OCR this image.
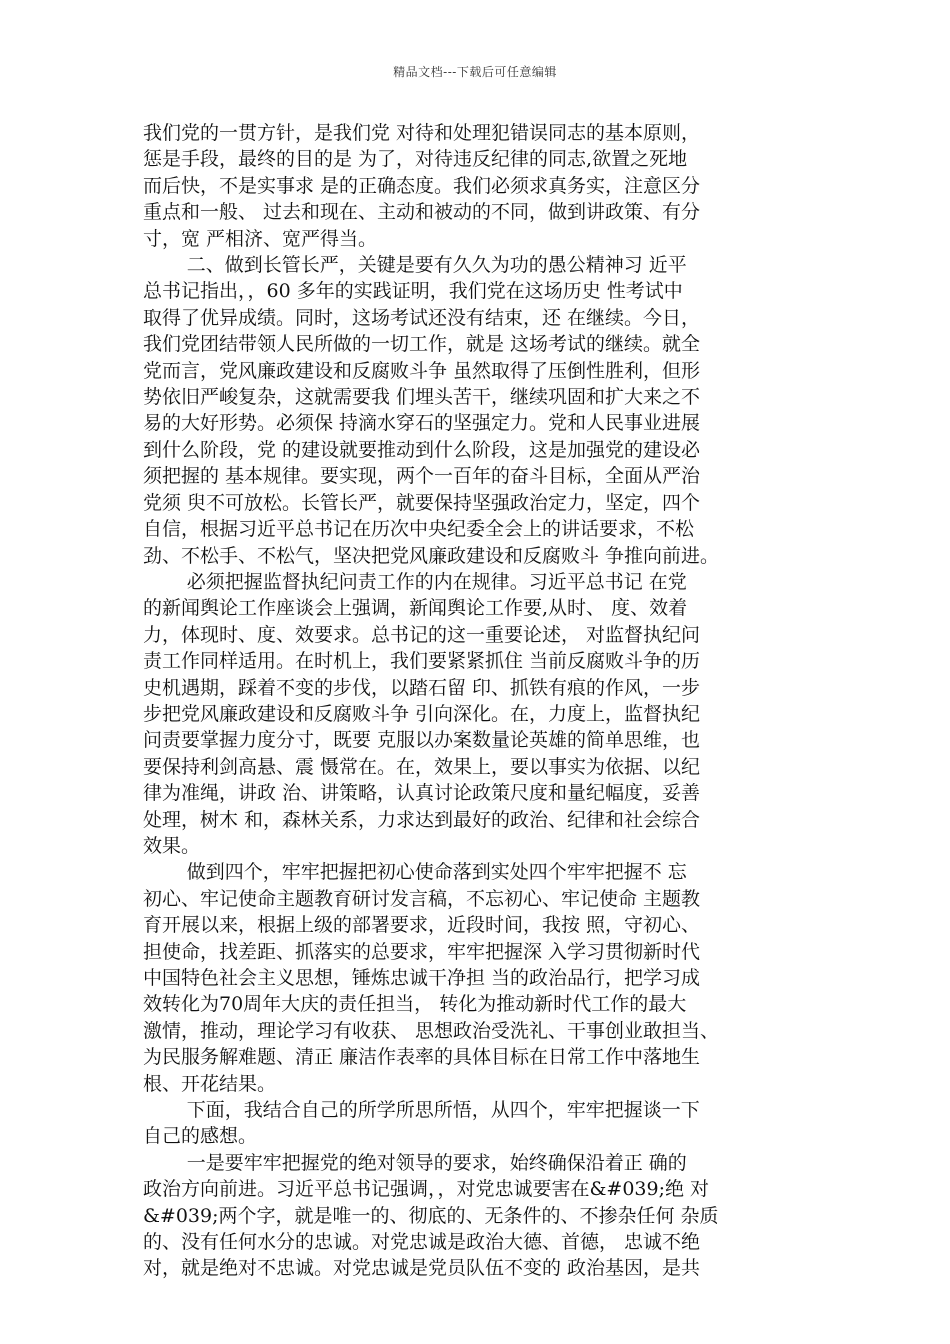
精品文档---下载后可任意编辑

我们党的一贯方针，是我们党 对待和处理犯错误同志的基本原则，
惩是手段，最终的目的是 为了，对待违反纪律的同志,欲置之死地
而后快，不是实事求 是的正确态度。我们必须求真务实，注意区分
重点和一般、 过去和现在、主动和被动的不同，做到讲政策、有分
寸，宽 严相济、宽严得当。

二、做到长管长严，关键是要有久久为功的愚公精神习 近平
总书记指出，，60 多年的实践证明，我们党在这场历史 性考试中
取得了优异成绩。同时，这场考试还没有结束，还 在继续。今日，
我们党团结带领人民所做的一切工作，就是 这场考试的继续。就全
党而言，党风廉政建设和反腐败斗争 虽然取得了压倒性胜利，但形
势依旧严峻复杂，这就需要我 们埋头苦干，继续巩固和扩大来之不
易的大好形势。必须保 持滴水穿石的坚强定力。党和人民事业进展
到什么阶段，党 的建设就要推动到什么阶段，这是加强党的建设必
须把握的 基本规律。要实现，两个一百年的奋斗目标，全面从严治
党须 臾不可放松。长管长严，就要保持坚强政治定力，坚定，四个
自信，根据习近平总书记在历次中央纪委全会上的讲话要求，不松
劲、不松手、不松气，坚决把党风廉政建设和反腐败斗 争推向前进。

必须把握监督执纪问责工作的内在规律。习近平总书记 在党
的新闻舆论工作座谈会上强调，新闻舆论工作要,从时、 度、效着
力，体现时、度、效要求。总书记的这一重要论述， 对监督执纪问
责工作同样适用。在时机上，我们要紧紧抓住 当前反腐败斗争的历
史机遇期，踩着不变的步伐，以踏石留 印、抓铁有痕的作风，一步
步把党风廉政建设和反腐败斗争 引向深化。在，力度上，监督执纪
问责要掌握力度分寸，既要 克服以办案数量论英雄的简单思维，也
要保持利剑高悬、震 慑常在。在，效果上，要以事实为依据、以纪
律为准绳，讲政 治、讲策略，认真讨论政策尺度和量纪幅度，妥善
处理，树木 和，森林关系，力求达到最好的政治、纪律和社会综合
效果。

做到四个，牢牢把握把初心使命落到实处四个牢牢把握不 忘
初心、牢记使命主题教育研讨发言稿，不忘初心、牢记使命 主题教
育开展以来，根据上级的部署要求，近段时间，我按 照，守初心、
担使命，找差距、抓落实的总要求，牢牢把握深 入学习贯彻新时代
中国特色社会主义思想，锤炼忠诚干净担 当的政治品行，把学习成
效转化为70周年大庆的责任担当， 转化为推动新时代工作的最大
激情，推动，理论学习有收获、 思想政治受洗礼、干事创业敢担当、
为民服务解难题、清正 廉洁作表率的具体目标在日常工作中落地生
根、开花结果。

下面，我结合自己的所学所思所悟，从四个，牢牢把握谈一下
自己的感想。

一是要牢牢把握党的绝对领导的要求，始终确保沿着正 确的
政治方向前进。习近平总书记强调，，对党忠诚要害在&#039;绝 对
&#039;两个字，就是唯一的、彻底的、无条件的、不掺杂任何 杂质
的、没有任何水分的忠诚。对党忠诚是政治大德、首德， 忠诚不绝
对，就是绝对不忠诚。对党忠诚是党员队伍不变的 政治基因，是共
